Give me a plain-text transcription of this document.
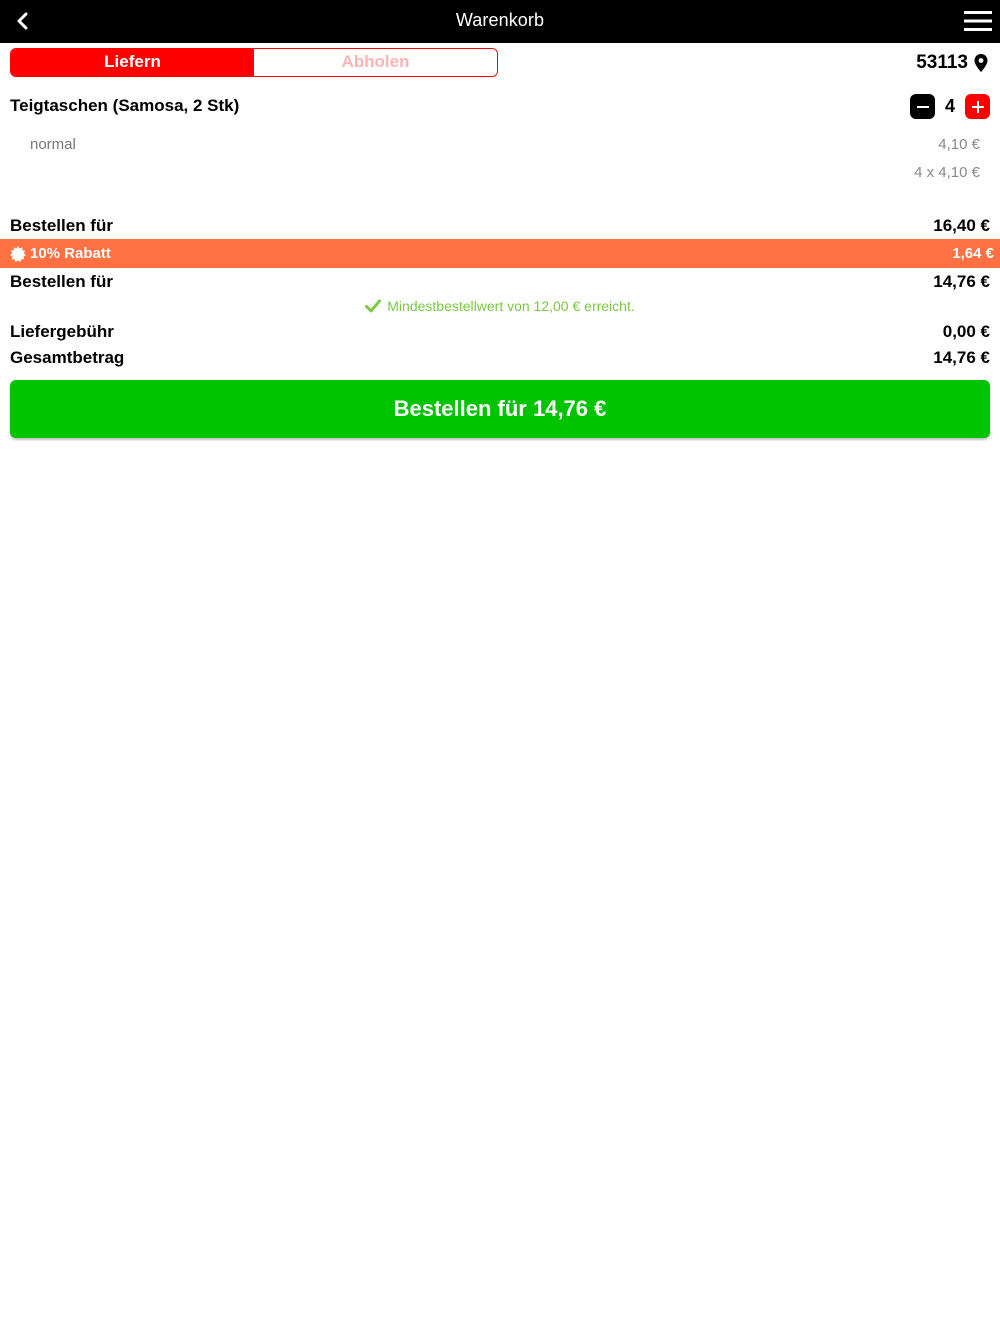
Warenkorb
Liefern	Abholen	53113
Teigtaschen (Samosa, 2 Stk)	4
normal	4,10 €
4 x 4,10 €
Bestellen für	16,40 €
10% Rabatt	1,64 €
Bestellen für	14,76 €
Mindestbestellwert von 12,00 € erreicht.
Liefergebühr	0,00 €
Gesamtbetrag	14,76 €
Bestellen für 14,76 €
